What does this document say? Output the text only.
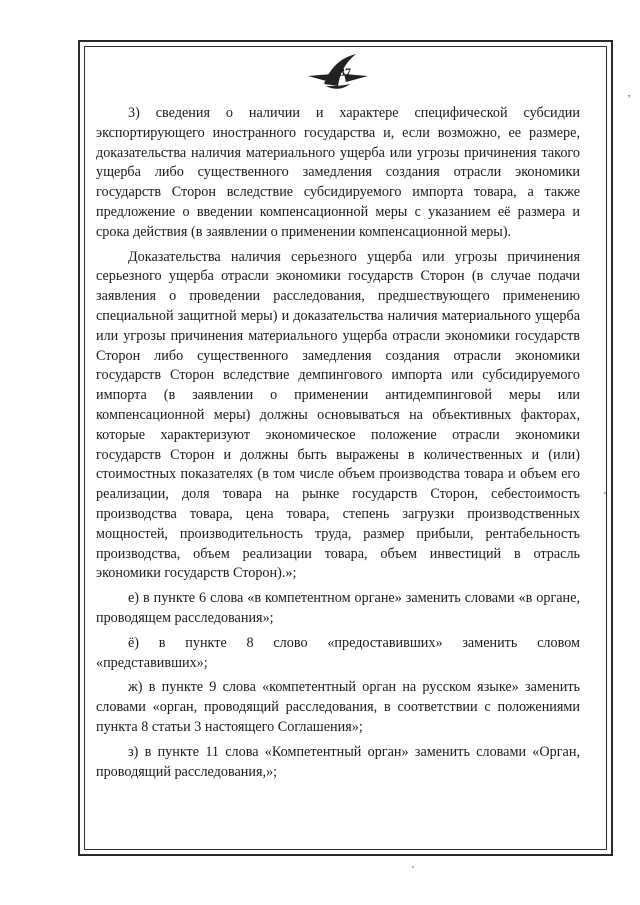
37
,

3) сведения о наличии и характере специфической субсидии экспортирующего иностранного государства и, если возможно, ее размере, доказательства наличия материального ущерба или угрозы причинения такого ущерба либо существенного замедления создания отрасли экономики государств Сторон вследствие субсидируемого импорта товара, а также предложение о введении компенсационной меры с указанием её размера и срока действия (в заявлении о применении компенсационной меры).

Доказательства наличия серьезного ущерба или угрозы причинения серьезного ущерба отрасли экономики государств Сторон (в случае подачи заявления о проведении расследования, предшествующего применению специальной защитной меры) и доказательства наличия материального ущерба или угрозы причинения материального ущерба отрасли экономики государств Сторон либо существенного замедления создания отрасли экономики государств Сторон вследствие демпингового импорта или субсидируемого импорта (в заявлении о применении антидемпинговой меры или компенсационной меры) должны основываться на объективных факторах, которые характеризуют экономическое положение отрасли экономики государств Сторон и должны быть выражены в количественных и (или) стоимостных показателях (в том числе объем производства товара и объем его реализации, доля товара на рынке государств Сторон, себестоимость производства товара, цена товара, степень загрузки производственных мощностей, производительность труда, размер прибыли, рентабельность производства, объем реализации товара, объем инвестиций в отрасль экономики государств Сторон).»;

е) в пункте 6 слова «в компетентном органе» заменить словами «в органе, проводящем расследования»;

ё) в пункте 8 слово «предоставивших» заменить словом «представивших»;

ж) в пункте 9 слова «компетентный орган на русском языке» заменить словами «орган, проводящий расследования, в соответствии с положениями пункта 8 статьи 3 настоящего Соглашения»;

з) в пункте 11 слова «Компетентный орган» заменить словами «Орган, проводящий расследования,»;
